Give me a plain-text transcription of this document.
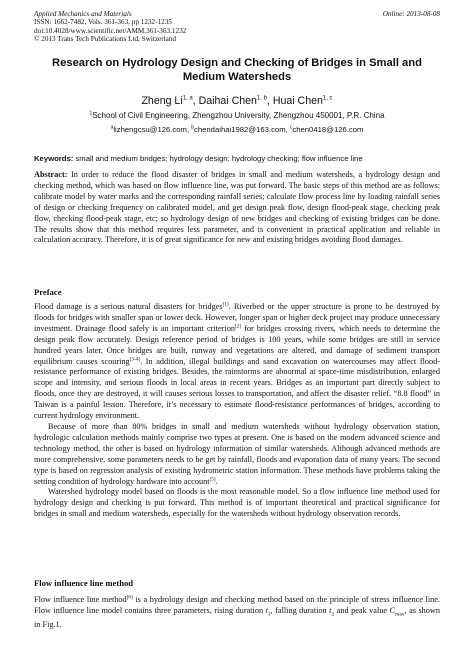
Applied Mechanics and Materials
ISSN: 1662-7482, Vols. 361-363, pp 1232-1235
doi:10.4028/www.scientific.net/AMM.361-363.1232
© 2013 Trans Tech Publications Ltd, Switzerland
Online: 2013-08-08
Research on Hydrology Design and Checking of Bridges in Small and Medium Watersheds
Zheng Li$^{1, a}$, Daihai Chen$^{1, b}$, Huai Chen$^{1, c}$
$^1$School of Civil Engineering, Zhengzhou University, Zhengzhou 450001, P.R. China
$^a$lizhengcsu@126.com, $^b$chendaihai1982@163.com, $^c$chen0418@126.com
Keywords: small and medium bridges; hydrology design; hydrology checking; flow influence line
Abstract: In order to reduce the flood disaster of bridges in small and medium watersheds, a hydrology design and checking method, which was based on flow influence line, was put forward. The basic steps of this method are as follows: calibrate model by water marks and the corresponding rainfall series; calculate flow process line by loading rainfall series of design or checking frequency on calibrated model, and get design peak flow, design flood-peak stage, checking peak flow, checking flood-peak stage, etc; so hydrology design of new bridges and checking of existing bridges can be done. The results show that this method requires less parameter, and is convenient in practical application and reliable in calculation accuracy. Therefore, it is of great significance for new and existing bridges avoiding flood damages.
Preface

Flood damage is a serious natural disasters for bridges[1]. Riverbed or the upper structure is prone to be destroyed by floods for bridges with smaller span or lower deck. However, longer span or higher deck project may produce unnecessary investment. Drainage flood safely is an important criterion[2] for bridges crossing rivers, which needs to determine the design peak flow accurately. Design reference period of bridges is 100 years, while some bridges are still in service hundred years later. Once bridges are built, runway and vegetations are altered, and damage of sediment transport equilibrium causes scouring[3-4]. In addition, illegal buildings and sand excavation on watercourses may affect flood-resistance performance of existing bridges. Besides, the rainstorms are abnormal at space-time misdistribution, enlarged scope and intensity, and serious floods in local areas in recent years. Bridges as an important part directly subject to floods, once they are destroyed, it will causes serious losses to transportation, and affect the disaster relief. “8.8 flood” in Taiwan is a painful lesson. Therefore, it’s necessary to estimate flood-resistance performances of bridges, according to current hydrology environment.

Because of more than 80% bridges in small and medium watersheds without hydrology observation station, hydrologic calculation methods mainly comprise two types at present. One is based on the modern advanced science and technology method, the other is based on hydrology information of similar watersheds. Although advanced methods are more comprehensive, some parameters needs to be get by rainfall, floods and evaporation data of many years. The second type is based on regression analysis of existing hydrometric station information. These methods have problems taking the setting condition of hydrology hardware into account[5].

Watershed hydrology model based on floods is the most reasonable model. So a flow influence line method used for hydrology design and checking is put forward. This method is of important theoretical and practical significance for bridges in small and medium watersheds, especially for the watersheds without hydrology observation records.

Flow influence line method

Flow influence line method[6] is a hydrology design and checking method based on the principle of stress influence line. Flow influence line model contains three parameters, rising duration $t_1$, falling duration $t_2$ and peak value $C_{max}$, as shown in Fig.1.
